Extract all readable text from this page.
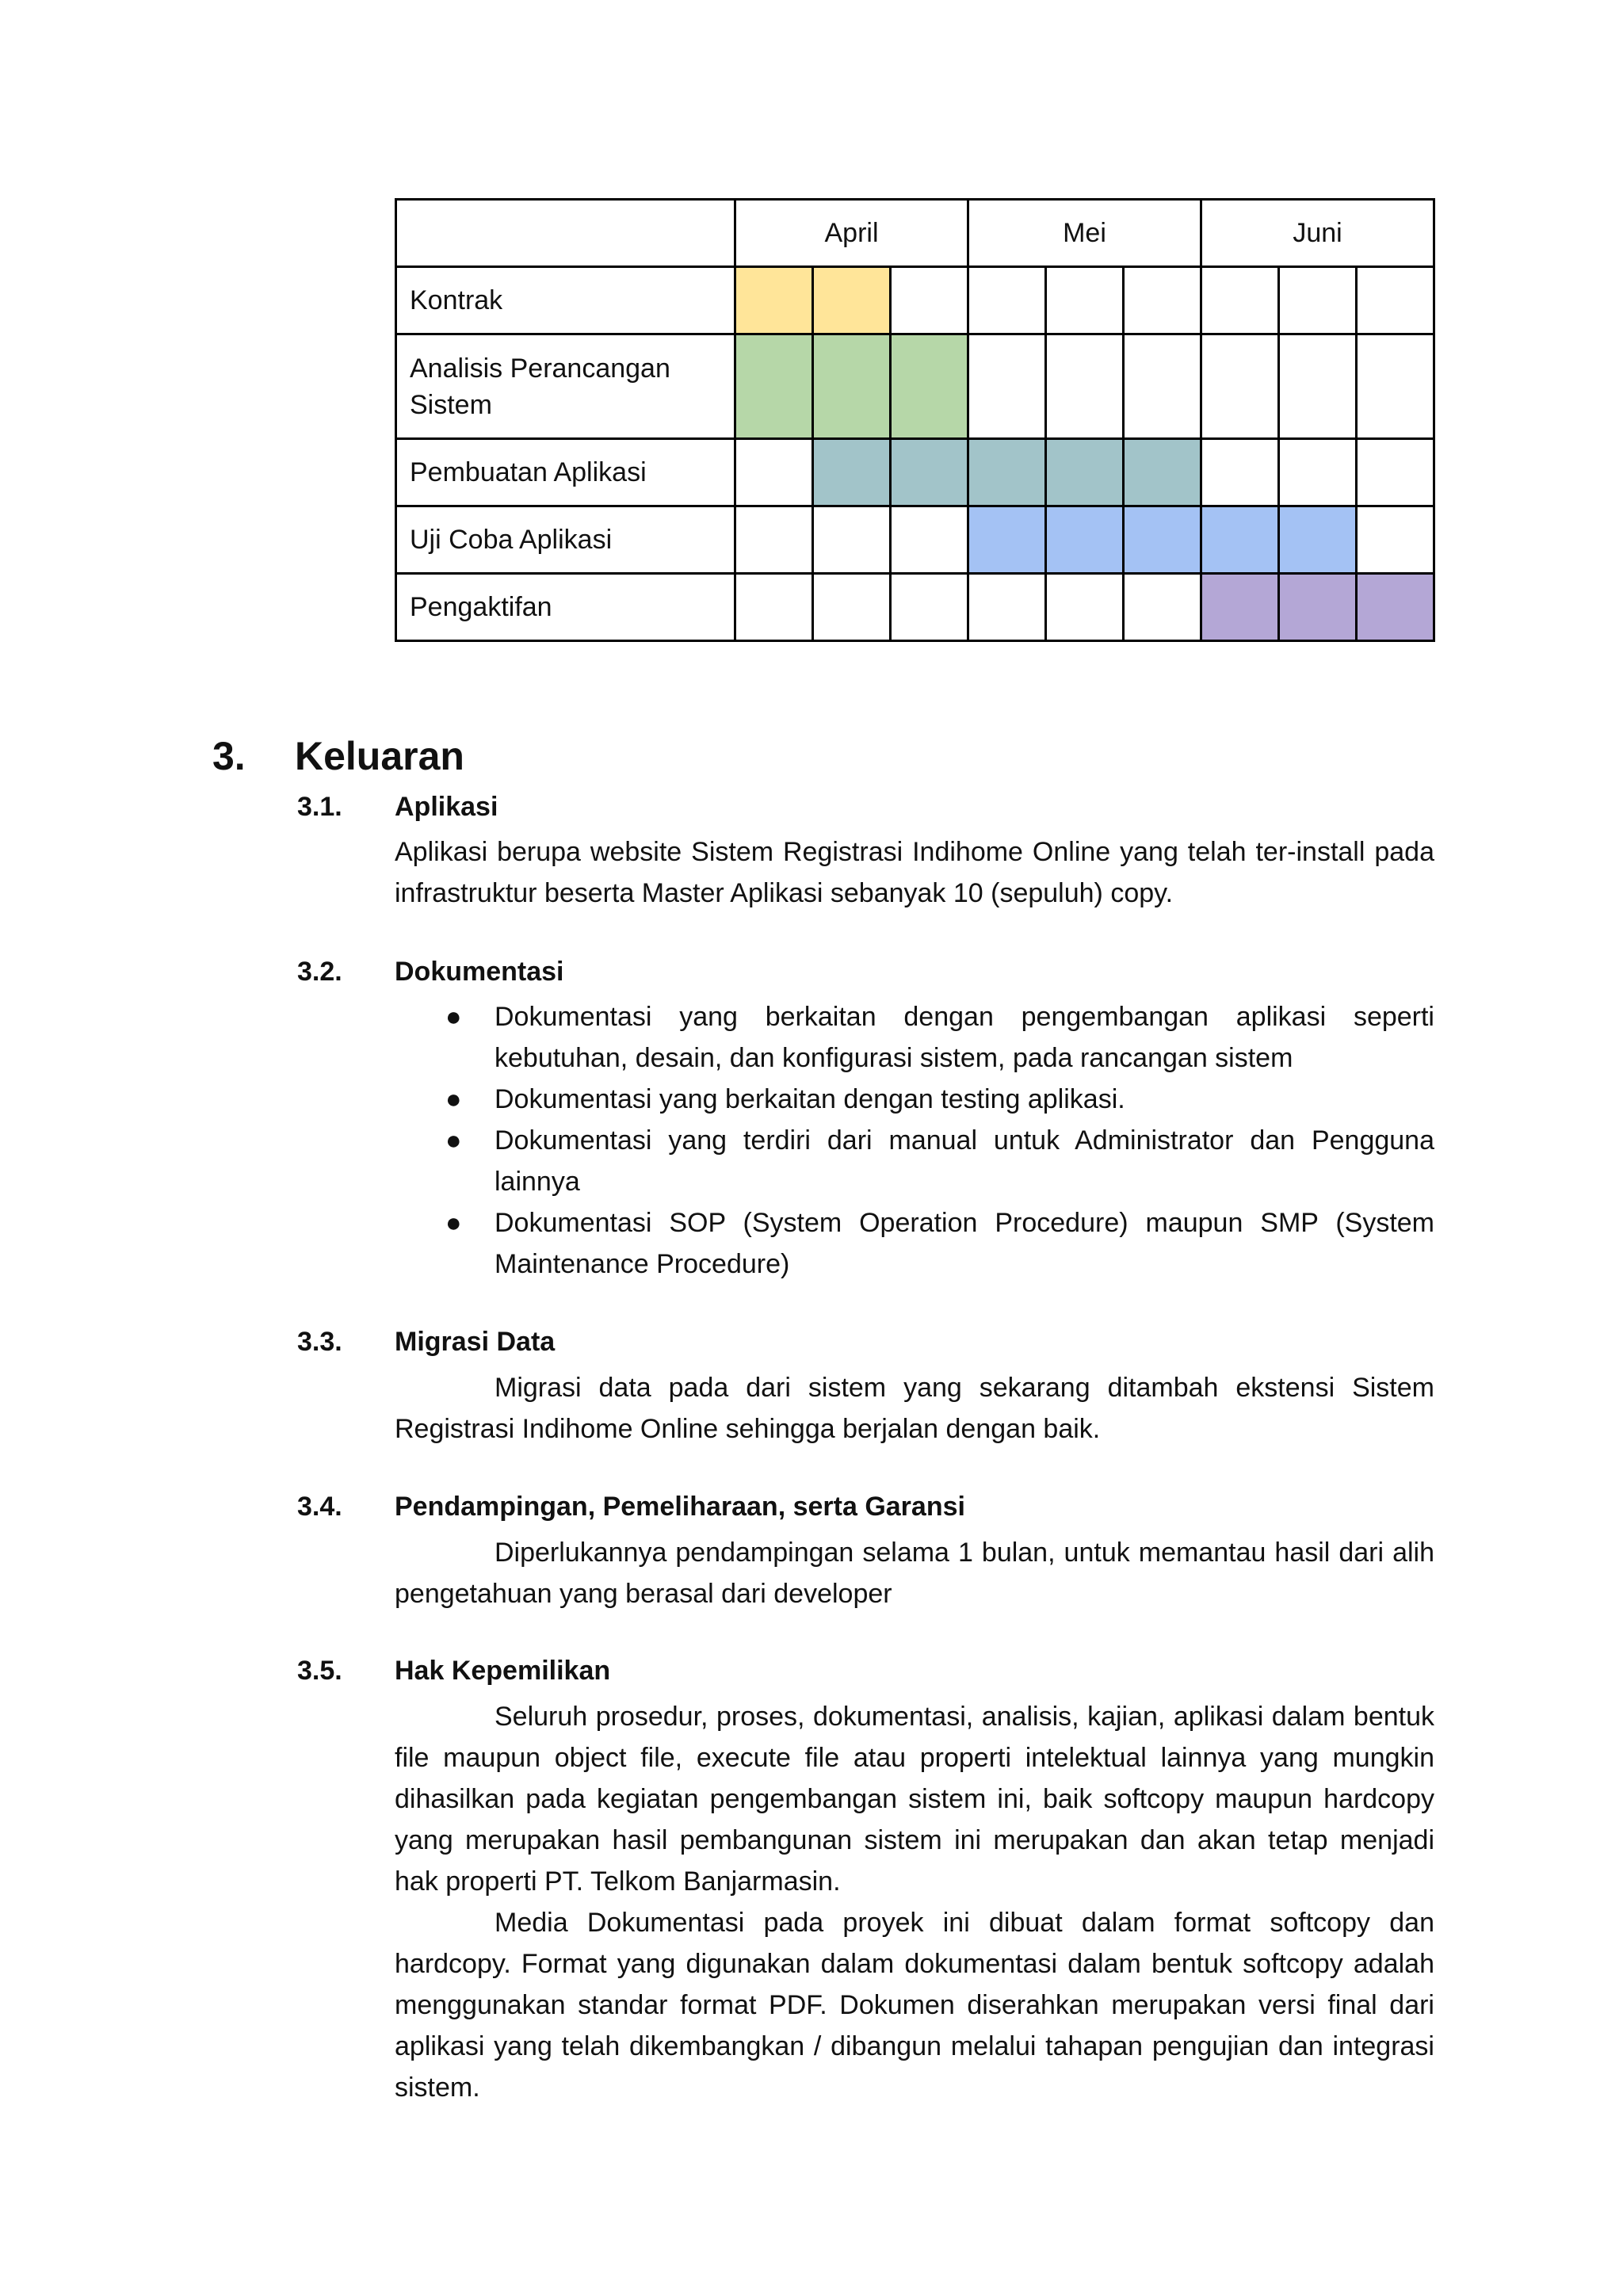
	April			Mei			Juni		
Kontrak									
Analisis Perancangan Sistem									
Pembuatan Aplikasi									
Uji Coba Aplikasi									
Pengaktifan									
3. Keluaran
3.1. Aplikasi
Aplikasi berupa website Sistem Registrasi Indihome Online yang telah ter-install pada infrastruktur beserta Master Aplikasi sebanyak 10 (sepuluh) copy.
3.2. Dokumentasi
● Dokumentasi yang berkaitan dengan pengembangan aplikasi seperti kebutuhan, desain, dan konfigurasi sistem, pada rancangan sistem
● Dokumentasi yang berkaitan dengan testing aplikasi.
● Dokumentasi yang terdiri dari manual untuk Administrator dan Pengguna lainnya
● Dokumentasi SOP (System Operation Procedure) maupun SMP (System Maintenance Procedure)
3.3. Migrasi Data
Migrasi data pada dari sistem yang sekarang ditambah ekstensi Sistem Registrasi Indihome Online sehingga berjalan dengan baik.
3.4. Pendampingan, Pemeliharaan, serta Garansi
Diperlukannya pendampingan selama 1 bulan, untuk memantau hasil dari alih pengetahuan yang berasal dari developer
3.5. Hak Kepemilikan
Seluruh prosedur, proses, dokumentasi, analisis, kajian, aplikasi dalam bentuk file maupun object file, execute file atau properti intelektual lainnya yang mungkin dihasilkan pada kegiatan pengembangan sistem ini, baik softcopy maupun hardcopy yang merupakan hasil pembangunan sistem ini merupakan dan akan tetap menjadi hak properti PT. Telkom Banjarmasin.
Media Dokumentasi pada proyek ini dibuat dalam format softcopy dan hardcopy. Format yang digunakan dalam dokumentasi dalam bentuk softcopy adalah menggunakan standar format PDF. Dokumen diserahkan merupakan versi final dari aplikasi yang telah dikembangkan / dibangun melalui tahapan pengujian dan integrasi sistem.
